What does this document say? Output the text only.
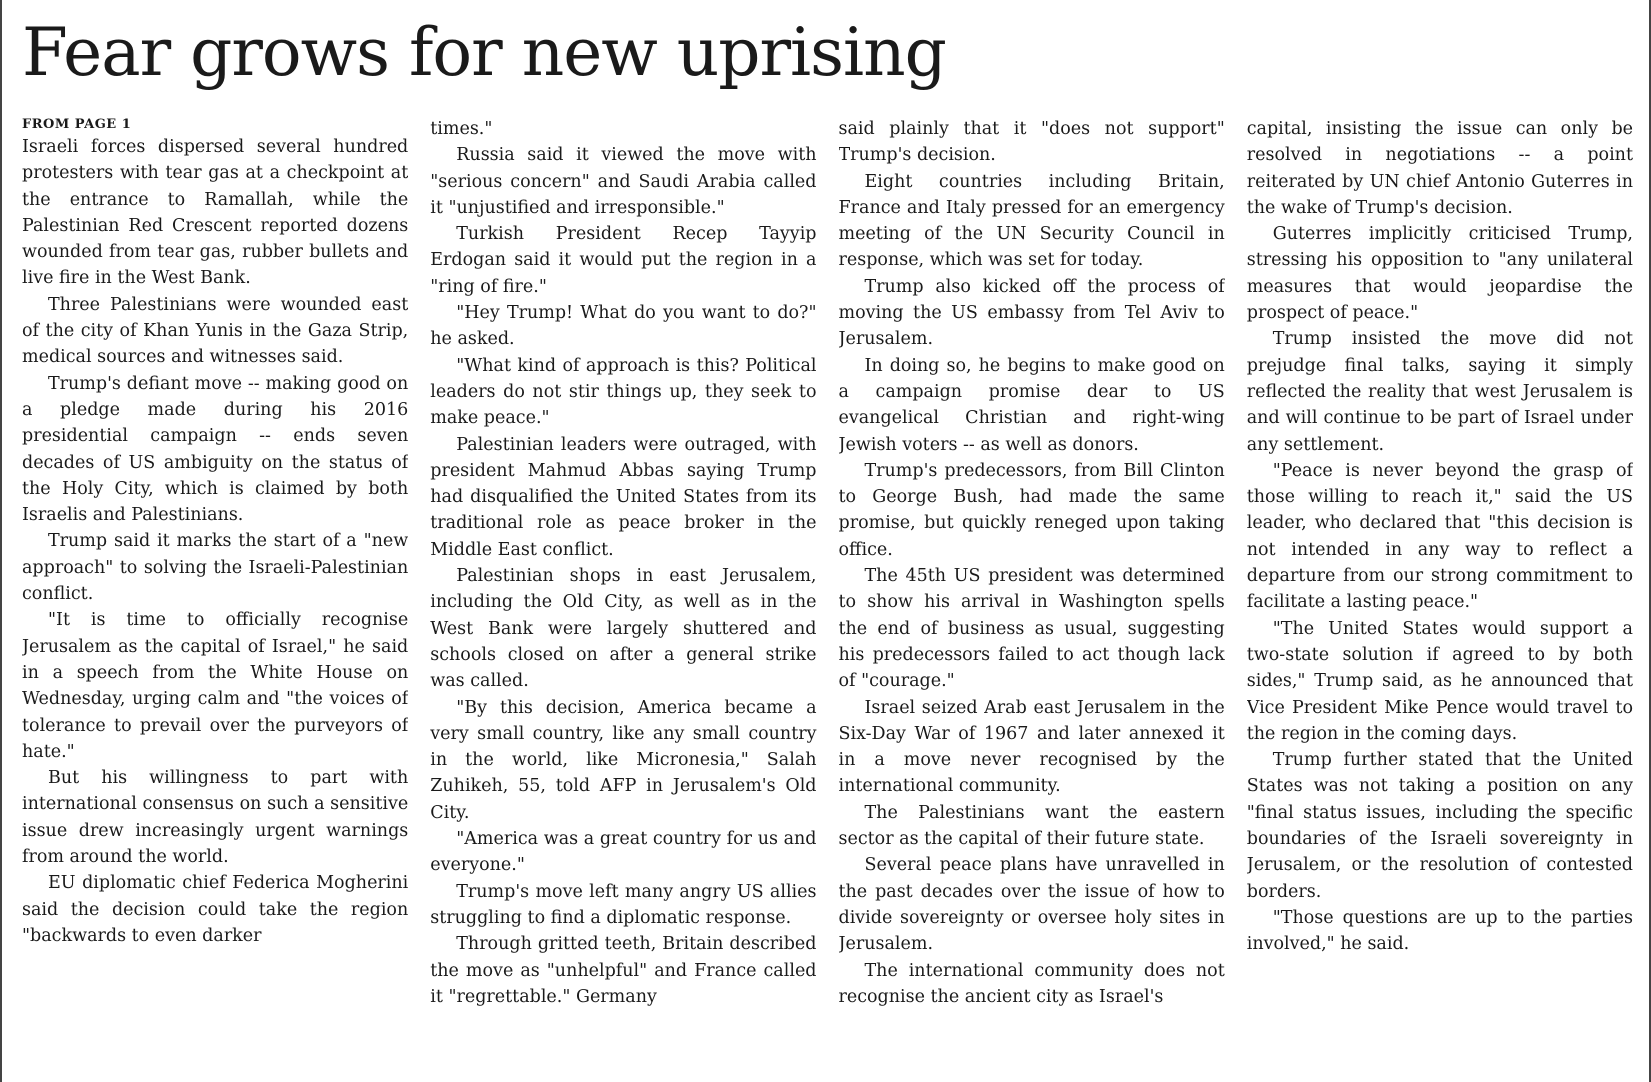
Fear grows for new uprising
FROM PAGE 1

Israeli forces dispersed several hundred protesters with tear gas at a checkpoint at the entrance to Ramallah, while the Palestinian Red Crescent reported dozens wounded from tear gas, rubber bullets and live fire in the West Bank.

Three Palestinians were wounded east of the city of Khan Yunis in the Gaza Strip, medical sources and witnesses said.

Trump's defiant move -- making good on a pledge made during his 2016 presidential campaign -- ends seven decades of US ambiguity on the status of the Holy City, which is claimed by both Israelis and Palestinians.

Trump said it marks the start of a "new approach" to solving the Israeli-Palestinian conflict.

"It is time to officially recognise Jerusalem as the capital of Israel," he said in a speech from the White House on Wednesday, urging calm and "the voices of tolerance to prevail over the purveyors of hate."

But his willingness to part with international consensus on such a sensitive issue drew increasingly urgent warnings from around the world.

EU diplomatic chief Federica Mogherini said the decision could take the region "backwards to even darker

times."

Russia said it viewed the move with "serious concern" and Saudi Arabia called it "unjustified and irresponsible."

Turkish President Recep Tayyip Erdogan said it would put the region in a "ring of fire."

"Hey Trump! What do you want to do?" he asked.

"What kind of approach is this? Political leaders do not stir things up, they seek to make peace."

Palestinian leaders were outraged, with president Mahmud Abbas saying Trump had disqualified the United States from its traditional role as peace broker in the Middle East conflict.

Palestinian shops in east Jerusalem, including the Old City, as well as in the West Bank were largely shuttered and schools closed on after a general strike was called.

"By this decision, America became a very small country, like any small country in the world, like Micronesia," Salah Zuhikeh, 55, told AFP in Jerusalem's Old City.

"America was a great country for us and everyone."

Trump's move left many angry US allies struggling to find a diplomatic response.

Through gritted teeth, Britain described the move as "unhelpful" and France called it "regrettable." Germany

said plainly that it "does not support" Trump's decision.

Eight countries including Britain, France and Italy pressed for an emergency meeting of the UN Security Council in response, which was set for today.

Trump also kicked off the process of moving the US embassy from Tel Aviv to Jerusalem.

In doing so, he begins to make good on a campaign promise dear to US evangelical Christian and right-wing Jewish voters -- as well as donors.

Trump's predecessors, from Bill Clinton to George Bush, had made the same promise, but quickly reneged upon taking office.

The 45th US president was determined to show his arrival in Washington spells the end of business as usual, suggesting his predecessors failed to act though lack of "courage."

Israel seized Arab east Jerusalem in the Six-Day War of 1967 and later annexed it in a move never recognised by the international community.

The Palestinians want the eastern sector as the capital of their future state.

Several peace plans have unravelled in the past decades over the issue of how to divide sovereignty or oversee holy sites in Jerusalem.

The international community does not recognise the ancient city as Israel's

capital, insisting the issue can only be resolved in negotiations -- a point reiterated by UN chief Antonio Guterres in the wake of Trump's decision.

Guterres implicitly criticised Trump, stressing his opposition to "any unilateral measures that would jeopardise the prospect of peace."

Trump insisted the move did not prejudge final talks, saying it simply reflected the reality that west Jerusalem is and will continue to be part of Israel under any settlement.

"Peace is never beyond the grasp of those willing to reach it," said the US leader, who declared that "this decision is not intended in any way to reflect a departure from our strong commitment to facilitate a lasting peace."

"The United States would support a two-state solution if agreed to by both sides," Trump said, as he announced that Vice President Mike Pence would travel to the region in the coming days.

Trump further stated that the United States was not taking a position on any "final status issues, including the specific boundaries of the Israeli sovereignty in Jerusalem, or the resolution of contested borders.

"Those questions are up to the parties involved," he said.
